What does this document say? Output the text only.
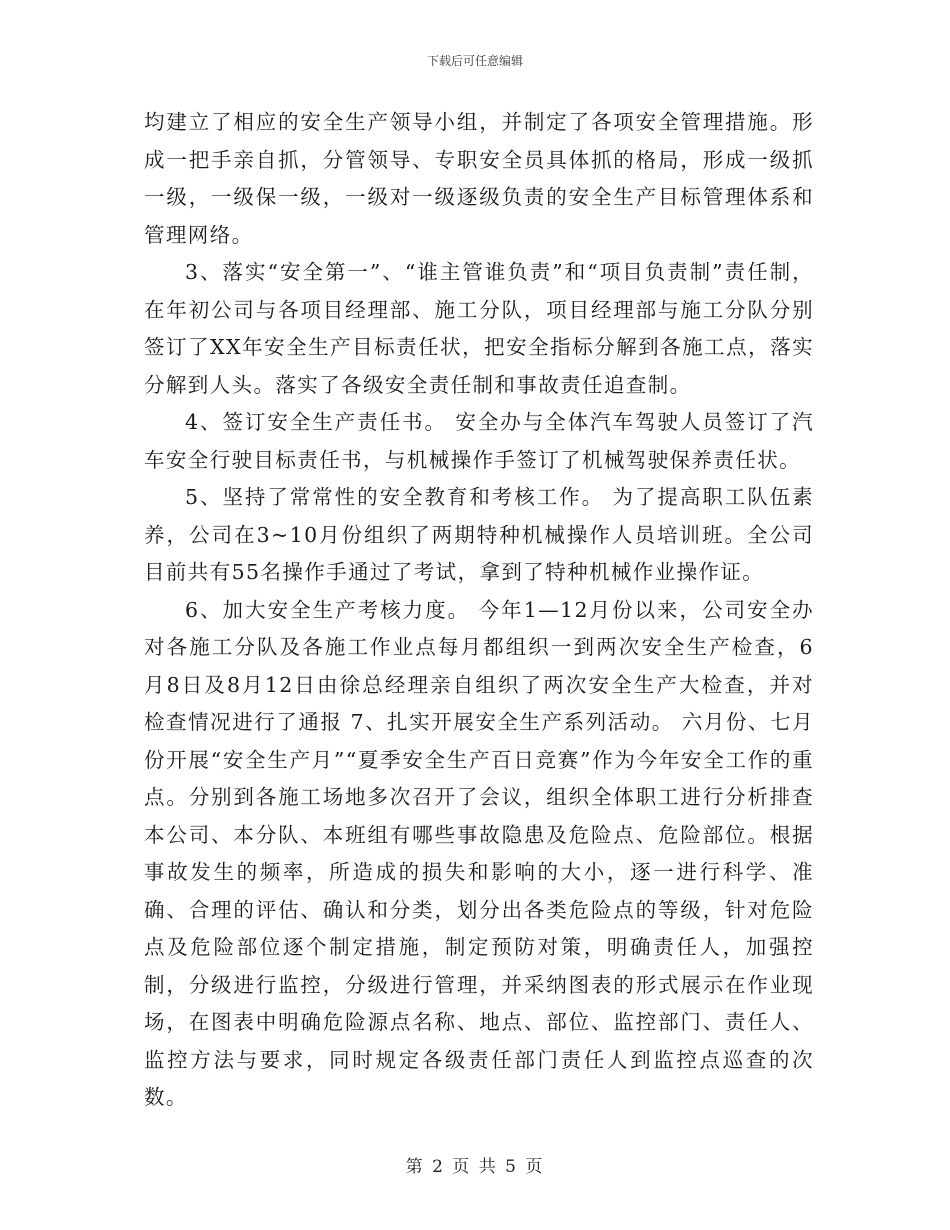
下载后可任意编辑

均建立了相应的安全生产领导小组，并制定了各项安全管理措施。形成一把手亲自抓，分管领导、专职安全员具体抓的格局，形成一级抓一级，一级保一级，一级对一级逐级负责的安全生产目标管理体系和管理网络。

3、落实“安全第一”、“谁主管谁负责”和“项目负责制”责任制，在年初公司与各项目经理部、施工分队，项目经理部与施工分队分别签订了XX年安全生产目标责任状，把安全指标分解到各施工点，落实分解到人头。落实了各级安全责任制和事故责任追查制。

4、签订安全生产责任书。 安全办与全体汽车驾驶人员签订了汽车安全行驶目标责任书，与机械操作手签订了机械驾驶保养责任状。

5、坚持了常常性的安全教育和考核工作。 为了提高职工队伍素养，公司在3~10月份组织了两期特种机械操作人员培训班。全公司目前共有55名操作手通过了考试，拿到了特种机械作业操作证。

6、加大安全生产考核力度。 今年1—12月份以来，公司安全办对各施工分队及各施工作业点每月都组织一到两次安全生产检查，6月8日及8月12日由徐总经理亲自组织了两次安全生产大检查，并对检查情况进行了通报 7、扎实开展安全生产系列活动。 六月份、七月份开展“安全生产月”“夏季安全生产百日竞赛”作为今年安全工作的重点。分别到各施工场地多次召开了会议，组织全体职工进行分析排查本公司、本分队、本班组有哪些事故隐患及危险点、危险部位。根据事故发生的频率，所造成的损失和影响的大小，逐一进行科学、准确、合理的评估、确认和分类，划分出各类危险点的等级，针对危险点及危险部位逐个制定措施，制定预防对策，明确责任人，加强控制，分级进行监控，分级进行管理，并采纳图表的形式展示在作业现场，在图表中明确危险源点名称、地点、部位、监控部门、责任人、监控方法与要求，同时规定各级责任部门责任人到监控点巡查的次数。

第 2 页 共 5 页
